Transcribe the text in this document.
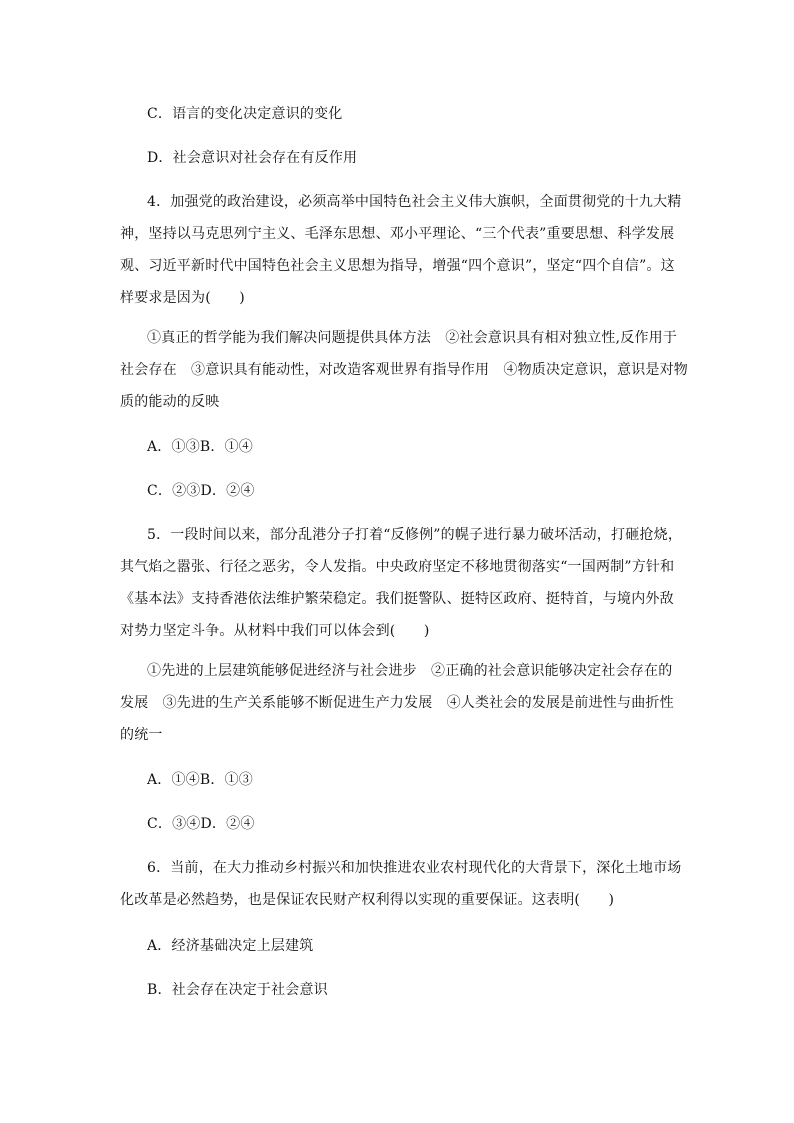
C．语言的变化决定意识的变化
D．社会意识对社会存在有反作用
4．加强党的政治建设，必须高举中国特色社会主义伟大旗帜，全面贯彻党的十九大精
神，坚持以马克思列宁主义、毛泽东思想、邓小平理论、“三个代表”重要思想、科学发展
观、习近平新时代中国特色社会主义思想为指导，增强“四个意识”，坚定“四个自信”。这
样要求是因为(　　)
①真正的哲学能为我们解决问题提供具体方法　②社会意识具有相对独立性,反作用于
社会存在　③意识具有能动性，对改造客观世界有指导作用　④物质决定意识，意识是对物
质的能动的反映
A．①③B．①④
C．②③D．②④
5．一段时间以来，部分乱港分子打着“反修例”的幌子进行暴力破坏活动，打砸抢烧，
其气焰之嚣张、行径之恶劣，令人发指。中央政府坚定不移地贯彻落实“一国两制”方针和
《基本法》支持香港依法维护繁荣稳定。我们挺警队、挺特区政府、挺特首，与境内外敌
对势力坚定斗争。从材料中我们可以体会到(　　)
①先进的上层建筑能够促进经济与社会进步　②正确的社会意识能够决定社会存在的
发展　③先进的生产关系能够不断促进生产力发展　④人类社会的发展是前进性与曲折性
的统一
A．①④B．①③
C．③④D．②④
6．当前，在大力推动乡村振兴和加快推进农业农村现代化的大背景下，深化土地市场
化改革是必然趋势，也是保证农民财产权利得以实现的重要保证。这表明(　　)
A．经济基础决定上层建筑
B．社会存在决定于社会意识
